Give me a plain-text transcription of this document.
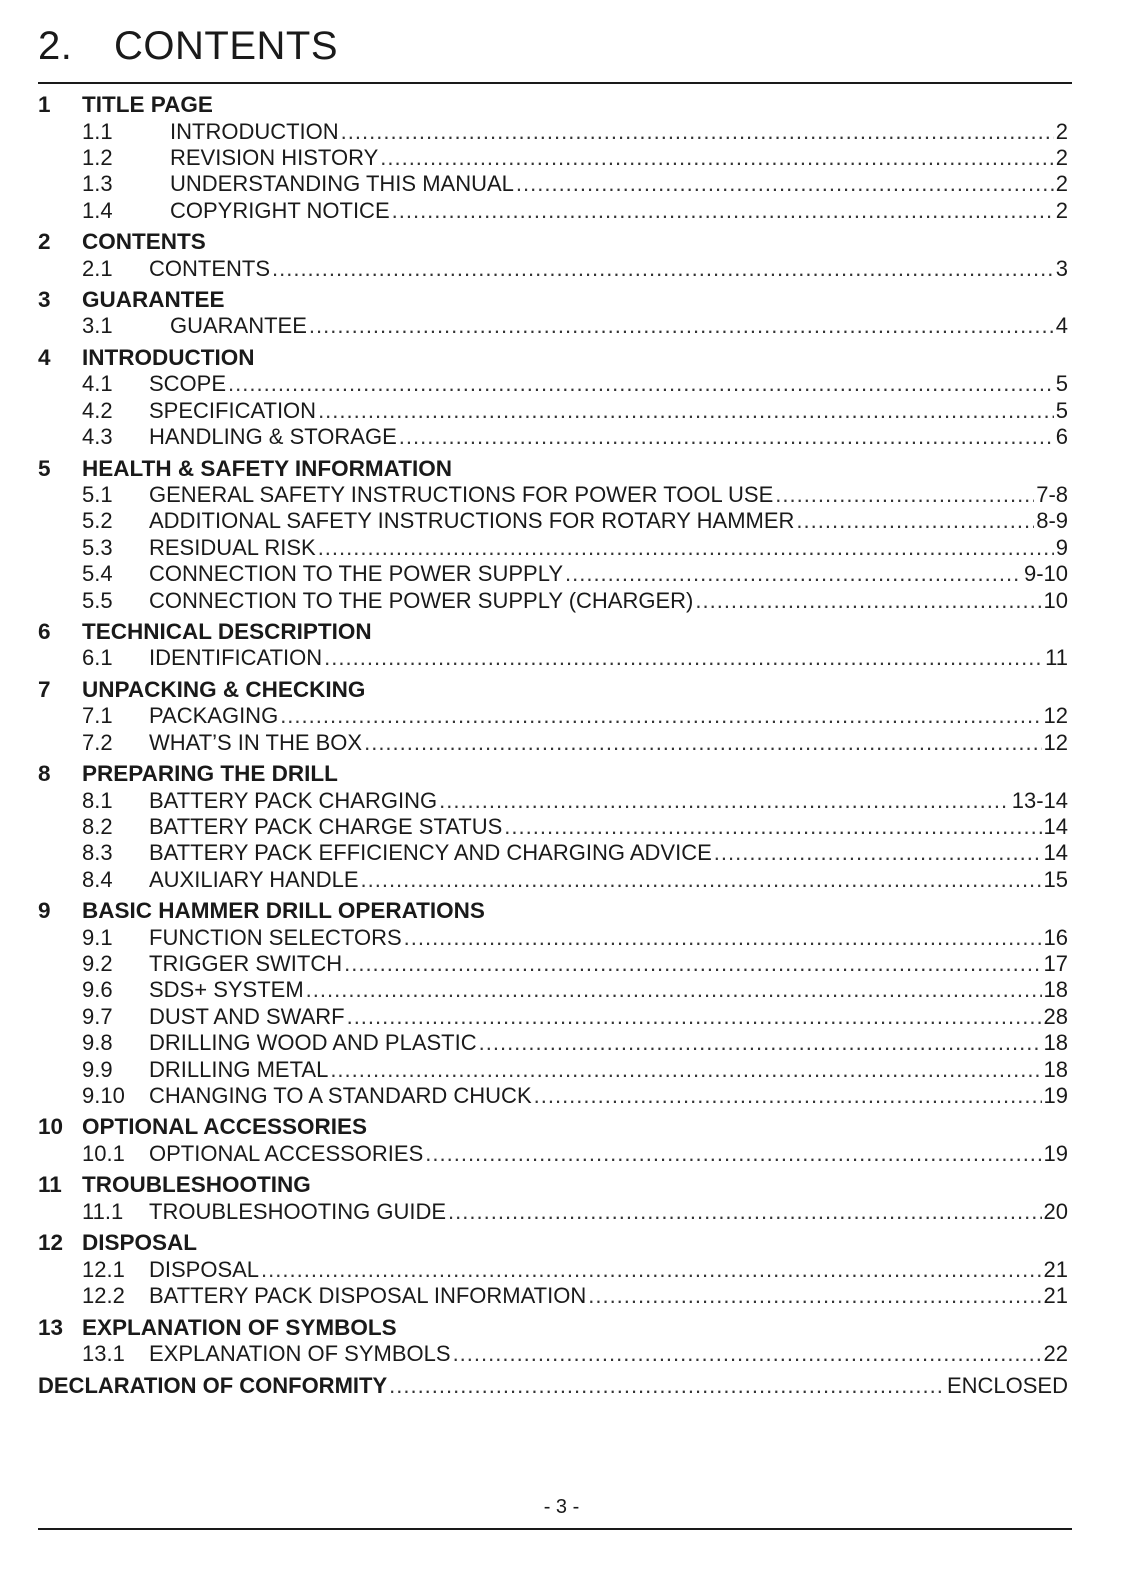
2. CONTENTS
1	TITLE PAGE
1.1	INTRODUCTION .....	2
1.2	REVISION HISTORY .....	2
1.3	UNDERSTANDING THIS MANUAL .....	2
1.4	COPYRIGHT NOTICE .....	2
2	CONTENTS
2.1	CONTENTS .....	3
3	GUARANTEE
3.1	GUARANTEE .....	4
4	INTRODUCTION
4.1	SCOPE .....	5
4.2	SPECIFICATION .....	5
4.3	HANDLING & STORAGE .....	6
5	HEALTH & SAFETY INFORMATION
5.1	GENERAL SAFETY INSTRUCTIONS FOR POWER TOOL USE .....	7-8
5.2	ADDITIONAL SAFETY INSTRUCTIONS FOR ROTARY HAMMER .....	8-9
5.3	RESIDUAL RISK .....	9
5.4	CONNECTION TO THE POWER SUPPLY .....	9-10
5.5	CONNECTION TO THE POWER SUPPLY (CHARGER) .....	10
6	TECHNICAL DESCRIPTION
6.1	IDENTIFICATION .....	11
7	UNPACKING & CHECKING
7.1	PACKAGING .....	12
7.2	WHAT’S IN THE BOX .....	12
8	PREPARING THE DRILL
8.1	BATTERY PACK CHARGING .....	13-14
8.2	BATTERY PACK CHARGE STATUS .....	14
8.3	BATTERY PACK EFFICIENCY AND CHARGING ADVICE .....	14
8.4	AUXILIARY HANDLE .....	15
9	BASIC HAMMER DRILL OPERATIONS
9.1	FUNCTION SELECTORS .....	16
9.2	TRIGGER SWITCH .....	17
9.6	SDS+ SYSTEM .....	18
9.7	DUST AND SWARF .....	28
9.8	DRILLING WOOD AND PLASTIC .....	18
9.9	DRILLING METAL .....	18
9.10	CHANGING TO A STANDARD CHUCK .....	19
10 OPTIONAL ACCESSORIES
10.1	OPTIONAL ACCESSORIES .....	19
11 TROUBLESHOOTING
11.1	TROUBLESHOOTING GUIDE .....	20
12 DISPOSAL
12.1	DISPOSAL .....	21
12.2	BATTERY PACK DISPOSAL INFORMATION .....	21
13 EXPLANATION OF SYMBOLS
13.1	EXPLANATION OF SYMBOLS .....	22
DECLARATION OF CONFORMITY .....	ENCLOSED
- 3 -
